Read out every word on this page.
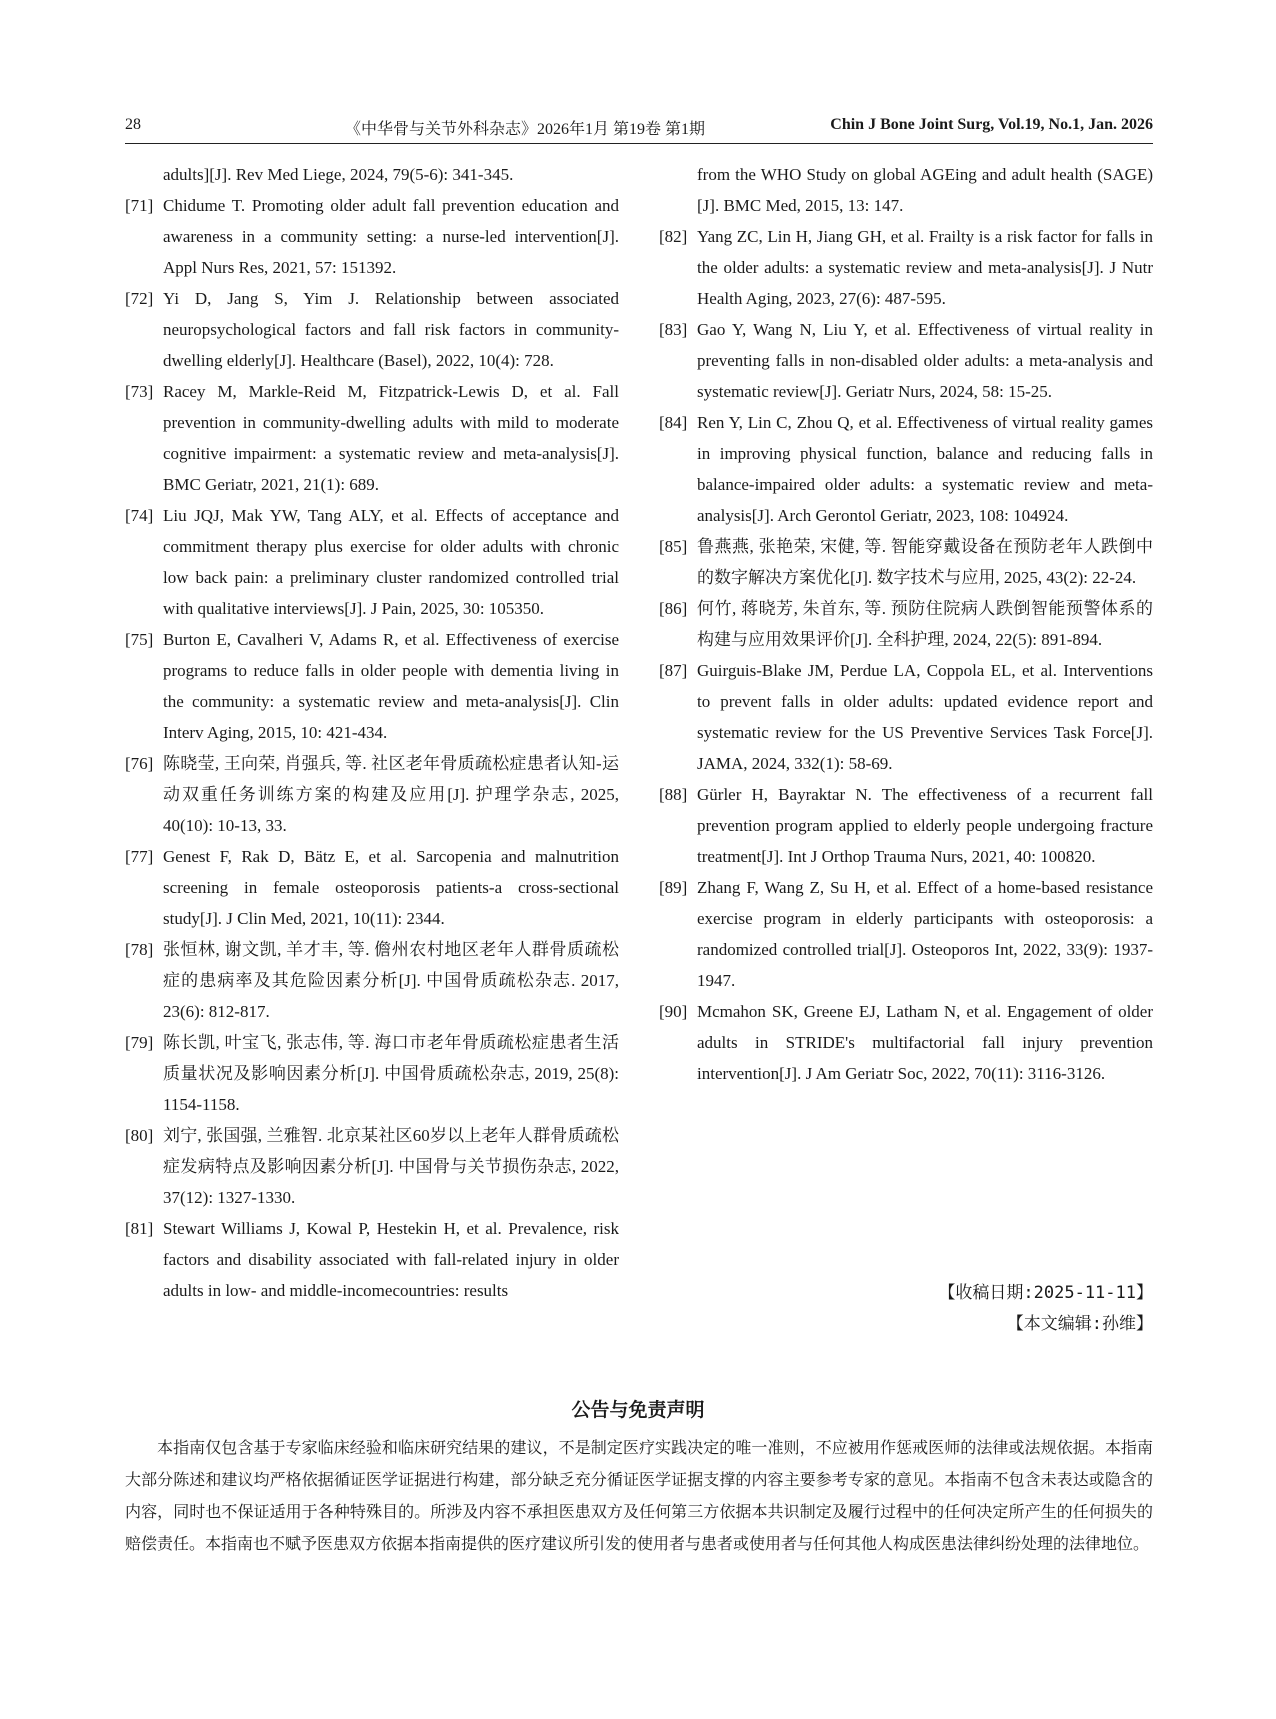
28	《中华骨与关节外科杂志》2026年1月 第19卷 第1期	Chin J Bone Joint Surg, Vol.19, No.1, Jan. 2026
adults][J]. Rev Med Liege, 2024, 79(5-6): 341-345.
[71] Chidume T. Promoting older adult fall prevention education and awareness in a community setting: a nurse-led intervention[J]. Appl Nurs Res, 2021, 57: 151392.
[72] Yi D, Jang S, Yim J. Relationship between associated neuropsychological factors and fall risk factors in community-dwelling elderly[J]. Healthcare (Basel), 2022, 10(4): 728.
[73] Racey M, Markle-Reid M, Fitzpatrick-Lewis D, et al. Fall prevention in community-dwelling adults with mild to moderate cognitive impairment: a systematic review and meta-analysis[J]. BMC Geriatr, 2021, 21(1): 689.
[74] Liu JQJ, Mak YW, Tang ALY, et al. Effects of acceptance and commitment therapy plus exercise for older adults with chronic low back pain: a preliminary cluster randomized controlled trial with qualitative interviews[J]. J Pain, 2025, 30: 105350.
[75] Burton E, Cavalheri V, Adams R, et al. Effectiveness of exercise programs to reduce falls in older people with dementia living in the community: a systematic review and meta-analysis[J]. Clin Interv Aging, 2015, 10: 421-434.
[76] 陈晓莹, 王向荣, 肖强兵, 等. 社区老年骨质疏松症患者认知-运动双重任务训练方案的构建及应用[J]. 护理学杂志, 2025, 40(10): 10-13, 33.
[77] Genest F, Rak D, Bätz E, et al. Sarcopenia and malnutrition screening in female osteoporosis patients-a cross-sectional study[J]. J Clin Med, 2021, 10(11): 2344.
[78] 张恒林, 谢文凯, 羊才丰, 等. 儋州农村地区老年人群骨质疏松症的患病率及其危险因素分析[J]. 中国骨质疏松杂志. 2017, 23(6): 812-817.
[79] 陈长凯, 叶宝飞, 张志伟, 等. 海口市老年骨质疏松症患者生活质量状况及影响因素分析[J]. 中国骨质疏松杂志, 2019, 25(8): 1154-1158.
[80] 刘宁, 张国强, 兰雅智. 北京某社区60岁以上老年人群骨质疏松症发病特点及影响因素分析[J]. 中国骨与关节损伤杂志, 2022, 37(12): 1327-1330.
[81] Stewart Williams J, Kowal P, Hestekin H, et al. Prevalence, risk factors and disability associated with fall-related injury in older adults in low- and middle-incomecountries: results
from the WHO Study on global AGEing and adult health (SAGE) [J]. BMC Med, 2015, 13: 147.
[82] Yang ZC, Lin H, Jiang GH, et al. Frailty is a risk factor for falls in the older adults: a systematic review and meta-analysis[J]. J Nutr Health Aging, 2023, 27(6): 487-595.
[83] Gao Y, Wang N, Liu Y, et al. Effectiveness of virtual reality in preventing falls in non-disabled older adults: a meta-analysis and systematic review[J]. Geriatr Nurs, 2024, 58: 15-25.
[84] Ren Y, Lin C, Zhou Q, et al. Effectiveness of virtual reality games in improving physical function, balance and reducing falls in balance-impaired older adults: a systematic review and meta-analysis[J]. Arch Gerontol Geriatr, 2023, 108: 104924.
[85] 鲁燕燕, 张艳荣, 宋健, 等. 智能穿戴设备在预防老年人跌倒中的数字解决方案优化[J]. 数字技术与应用, 2025, 43(2): 22-24.
[86] 何竹, 蒋晓芳, 朱首东, 等. 预防住院病人跌倒智能预警体系的构建与应用效果评价[J]. 全科护理, 2024, 22(5): 891-894.
[87] Guirguis-Blake JM, Perdue LA, Coppola EL, et al. Interventions to prevent falls in older adults: updated evidence report and systematic review for the US Preventive Services Task Force[J]. JAMA, 2024, 332(1): 58-69.
[88] Gürler H, Bayraktar N. The effectiveness of a recurrent fall prevention program applied to elderly people undergoing fracture treatment[J]. Int J Orthop Trauma Nurs, 2021, 40: 100820.
[89] Zhang F, Wang Z, Su H, et al. Effect of a home-based resistance exercise program in elderly participants with osteoporosis: a randomized controlled trial[J]. Osteoporos Int, 2022, 33(9): 1937-1947.
[90] Mcmahon SK, Greene EJ, Latham N, et al. Engagement of older adults in STRIDE's multifactorial fall injury prevention intervention[J]. J Am Geriatr Soc, 2022, 70(11): 3116-3126.
【收稿日期:2025-11-11】
【本文编辑:孙维】
公告与免责声明
本指南仅包含基于专家临床经验和临床研究结果的建议，不是制定医疗实践决定的唯一准则，不应被用作惩戒医师的法律或法规依据。本指南大部分陈述和建议均严格依据循证医学证据进行构建，部分缺乏充分循证医学证据支撑的内容主要参考专家的意见。本指南不包含未表达或隐含的内容，同时也不保证适用于各种特殊目的。所涉及内容不承担医患双方及任何第三方依据本共识制定及履行过程中的任何决定所产生的任何损失的赔偿责任。本指南也不赋予医患双方依据本指南提供的医疗建议所引发的使用者与患者或使用者与任何其他人构成医患法律纠纷处理的法律地位。
